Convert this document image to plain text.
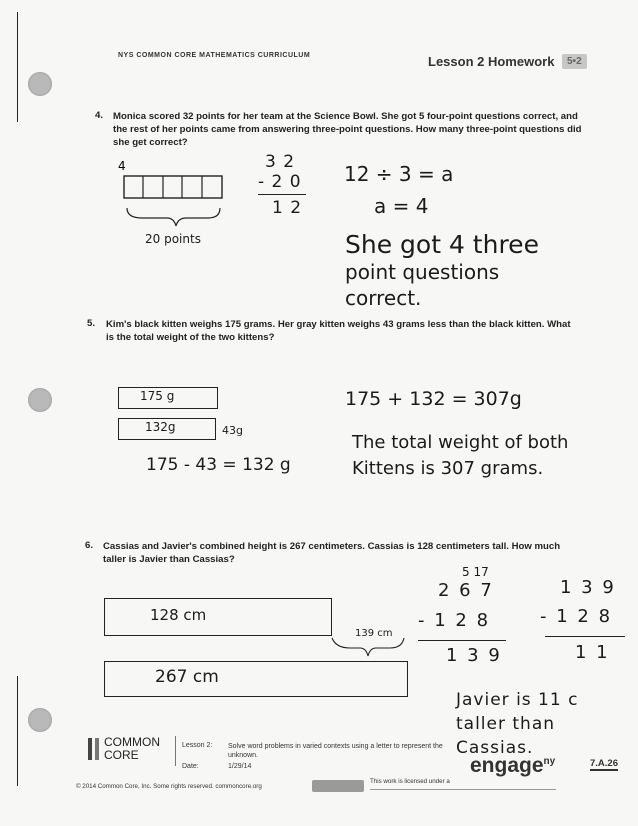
NYS COMMON CORE MATHEMATICS CURRICULUM	Lesson 2 Homework	5•2
4. Monica scored 32 points for her team at the Science Bowl. She got 5 four-point questions correct, and the rest of her points came from answering three-point questions. How many three-point questions did she get correct?
4
20 points
3 2
- 2 0
1 2
12 ÷ 3 = a
a = 4
She got 4 three
point questions
correct.
5. Kim's black kitten weighs 175 grams. Her gray kitten weighs 43 grams less than the black kitten. What is the total weight of the two kittens?
175 g
132g	43g
175 - 43 = 132 g
175 + 132 = 307g
The total weight of both
Kittens is 307 grams.
6. Cassias and Javier's combined height is 267 centimeters. Cassias is 128 centimeters tall. How much taller is Javier than Cassias?
128 cm
267 cm
139 cm
5 17
2 6 7
- 1 2 8
1 3 9
1 3 9
- 1 2 8
1 1
Javier is 11 c
taller than
Cassias.
COMMON
CORE
Lesson 2:
Date:
Solve word problems in varied contexts using a letter to represent the unknown.
1/29/14	engage$^{ny}$	7.A.26
© 2014 Common Core, Inc. Some rights reserved. commoncore.org
This work is licensed under a
